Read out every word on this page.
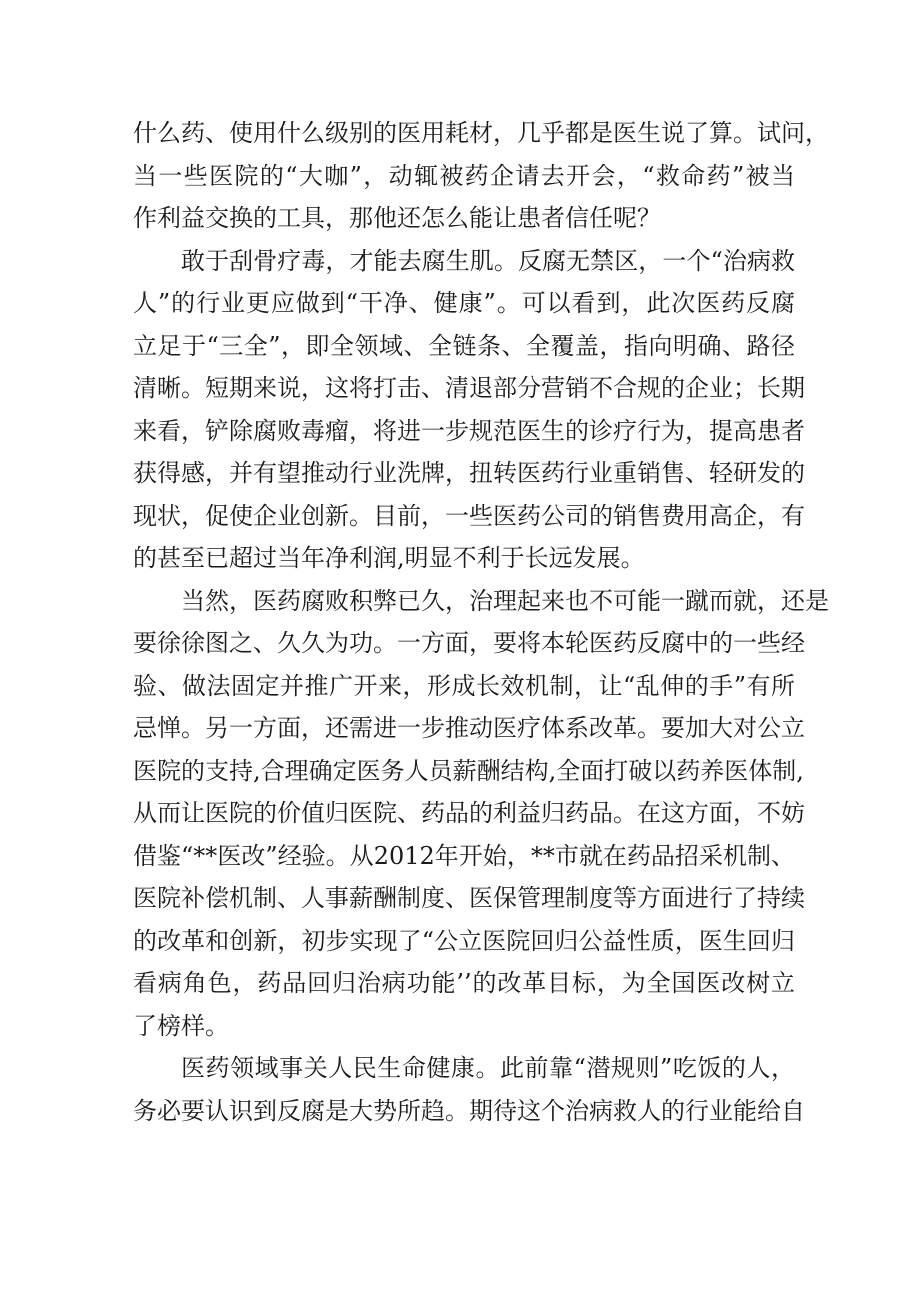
什么药、使用什么级别的医用耗材，几乎都是医生说了算。试问，
当一些医院的“大咖”，动辄被药企请去开会，“救命药”被当
作利益交换的工具，那他还怎么能让患者信任呢？
敢于刮骨疗毒，才能去腐生肌。反腐无禁区，一个“治病救
人”的行业更应做到“干净、健康”。可以看到，此次医药反腐
立足于“三全”，即全领域、全链条、全覆盖，指向明确、路径
清晰。短期来说，这将打击、清退部分营销不合规的企业；长期
来看，铲除腐败毒瘤，将进一步规范医生的诊疗行为，提高患者
获得感，并有望推动行业洗牌，扭转医药行业重销售、轻研发的
现状，促使企业创新。目前，一些医药公司的销售费用高企，有
的甚至已超过当年净利润,明显不利于长远发展。
当然，医药腐败积弊已久，治理起来也不可能一蹴而就，还是
要徐徐图之、久久为功。一方面，要将本轮医药反腐中的一些经
验、做法固定并推广开来，形成长效机制，让“乱伸的手”有所
忌惮。另一方面，还需进一步推动医疗体系改革。要加大对公立
医院的支持,合理确定医务人员薪酬结构,全面打破以药养医体制,
从而让医院的价值归医院、药品的利益归药品。在这方面，不妨
借鉴“**医改”经验。从2012年开始，**市就在药品招采机制、
医院补偿机制、人事薪酬制度、医保管理制度等方面进行了持续
的改革和创新，初步实现了“公立医院回归公益性质，医生回归
看病角色，药品回归治病功能’’的改革目标，为全国医改树立
了榜样。
医药领域事关人民生命健康。此前靠“潜规则”吃饭的人，
务必要认识到反腐是大势所趋。期待这个治病救人的行业能给自
